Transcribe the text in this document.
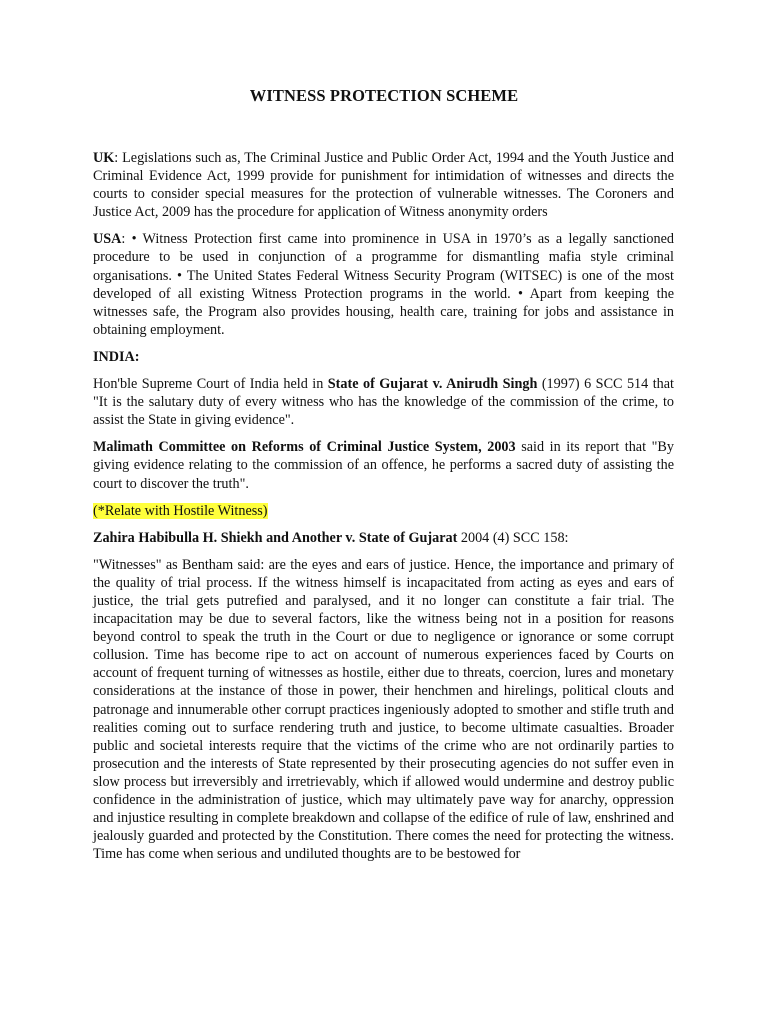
WITNESS PROTECTION SCHEME

UK: Legislations such as, The Criminal Justice and Public Order Act, 1994 and the Youth Justice and Criminal Evidence Act, 1999 provide for punishment for intimidation of witnesses and directs the courts to consider special measures for the protection of vulnerable witnesses. The Coroners and Justice Act, 2009 has the procedure for application of Witness anonymity orders

USA: • Witness Protection first came into prominence in USA in 1970’s as a legally sanctioned procedure to be used in conjunction of a programme for dismantling mafia style criminal organisations. • The United States Federal Witness Security Program (WITSEC) is one of the most developed of all existing Witness Protection programs in the world. • Apart from keeping the witnesses safe, the Program also provides housing, health care, training for jobs and assistance in obtaining employment.

INDIA:

Hon'ble Supreme Court of India held in State of Gujarat v. Anirudh Singh (1997) 6 SCC 514 that "It is the salutary duty of every witness who has the knowledge of the commission of the crime, to assist the State in giving evidence".

Malimath Committee on Reforms of Criminal Justice System, 2003 said in its report that "By giving evidence relating to the commission of an offence, he performs a sacred duty of assisting the court to discover the truth".

(*Relate with Hostile Witness)

Zahira Habibulla H. Shiekh and Another v. State of Gujarat 2004 (4) SCC 158:

"Witnesses" as Bentham said: are the eyes and ears of justice. Hence, the importance and primary of the quality of trial process. If the witness himself is incapacitated from acting as eyes and ears of justice, the trial gets putrefied and paralysed, and it no longer can constitute a fair trial. The incapacitation may be due to several factors, like the witness being not in a position for reasons beyond control to speak the truth in the Court or due to negligence or ignorance or some corrupt collusion. Time has become ripe to act on account of numerous experiences faced by Courts on account of frequent turning of witnesses as hostile, either due to threats, coercion, lures and monetary considerations at the instance of those in power, their henchmen and hirelings, political clouts and patronage and innumerable other corrupt practices ingeniously adopted to smother and stifle truth and realities coming out to surface rendering truth and justice, to become ultimate casualties. Broader public and societal interests require that the victims of the crime who are not ordinarily parties to prosecution and the interests of State represented by their prosecuting agencies do not suffer even in slow process but irreversibly and irretrievably, which if allowed would undermine and destroy public confidence in the administration of justice, which may ultimately pave way for anarchy, oppression and injustice resulting in complete breakdown and collapse of the edifice of rule of law, enshrined and jealously guarded and protected by the Constitution. There comes the need for protecting the witness. Time has come when serious and undiluted thoughts are to be bestowed for
